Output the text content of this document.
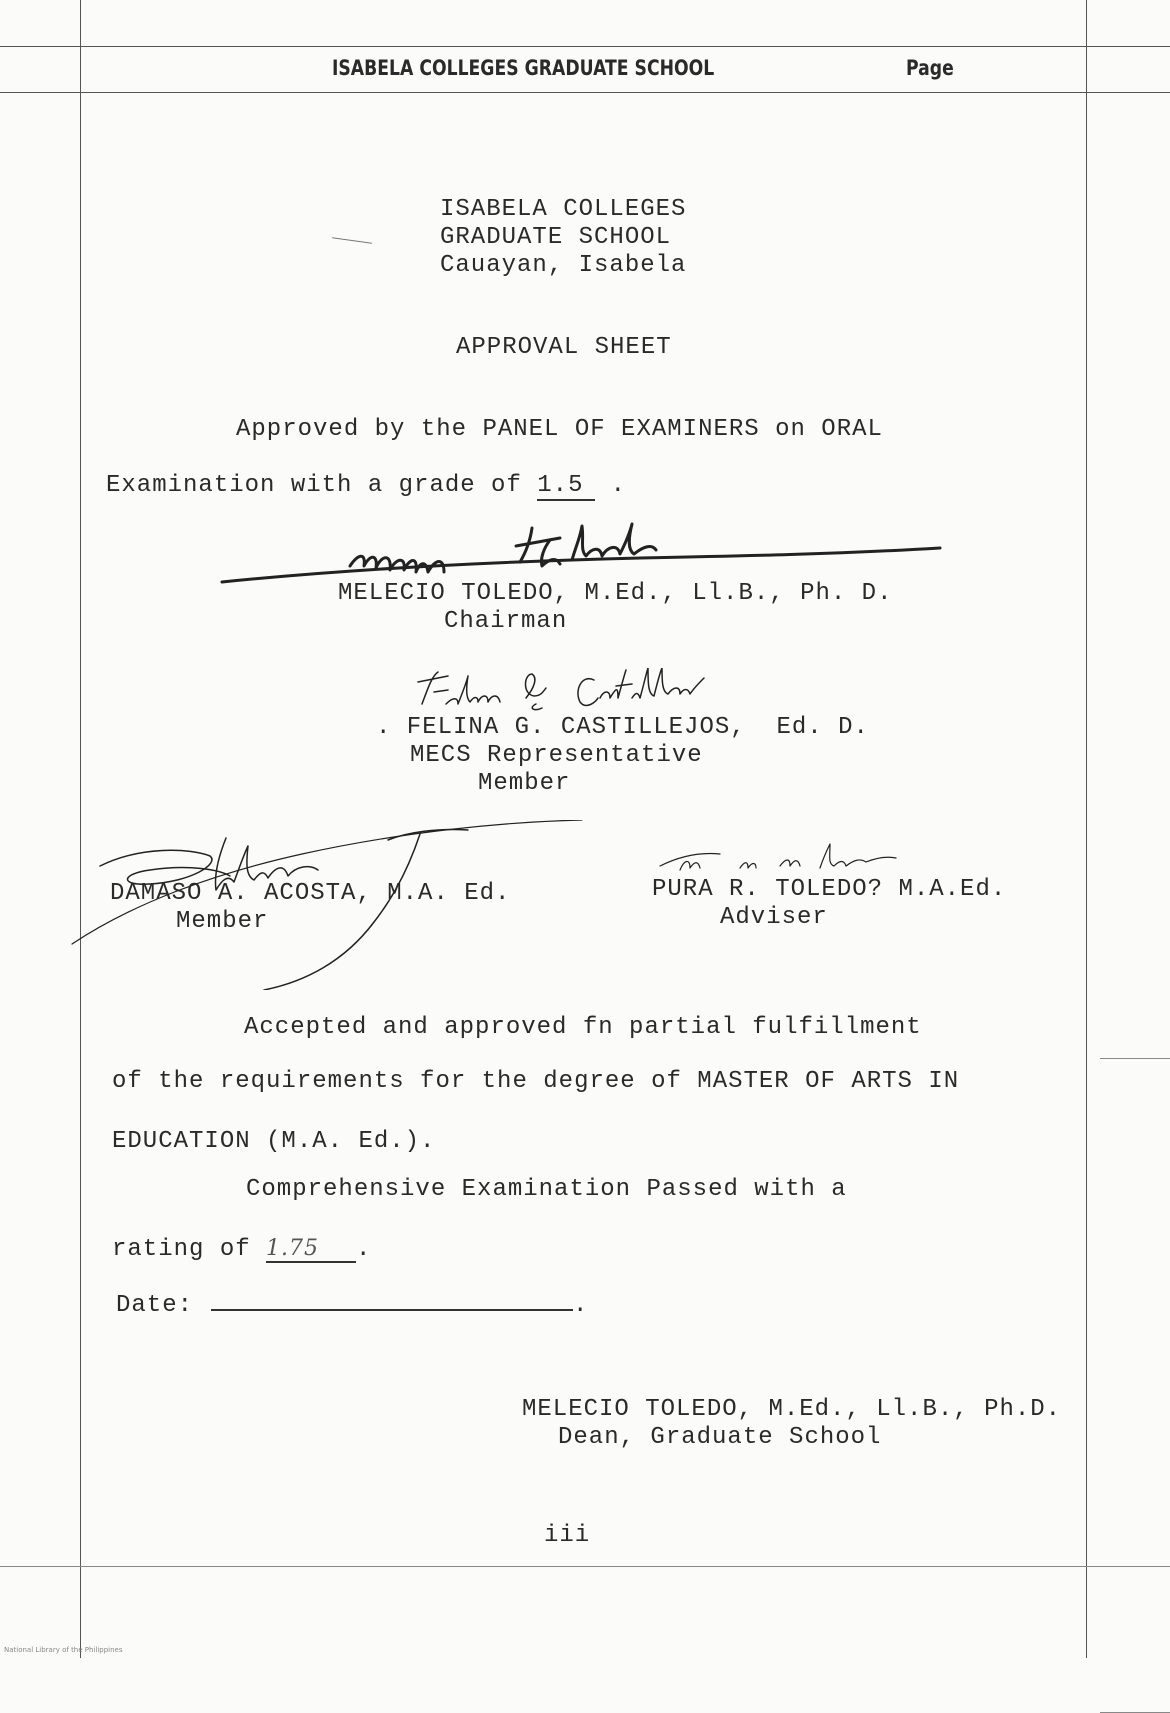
ISABELA COLLEGES GRADUATE SCHOOL	Page
ISABELA COLLEGES
GRADUATE SCHOOL
Cauayan, Isabela
APPROVAL SHEET
Approved by the PANEL OF EXAMINERS on ORAL
Examination with a grade of 1.5 .
MELECIO TOLEDO, M.Ed., Ll.B., Ph. D.
Chairman
. FELINA G. CASTILLEJOS,  Ed. D.
MECS Representative
Member
DAMASO A. ACOSTA, M.A. Ed.
Member
PURA R. TOLEDO? M.A.Ed.
Adviser
Accepted and approved fn partial fulfillment
of the requirements for the degree of MASTER OF ARTS IN
EDUCATION (M.A. Ed.).
Comprehensive Examination Passed with a
rating of 1.75 .
Date:	.
MELECIO TOLEDO, M.Ed., Ll.B., Ph.D.
Dean, Graduate School
iii
National Library of the Philippines
